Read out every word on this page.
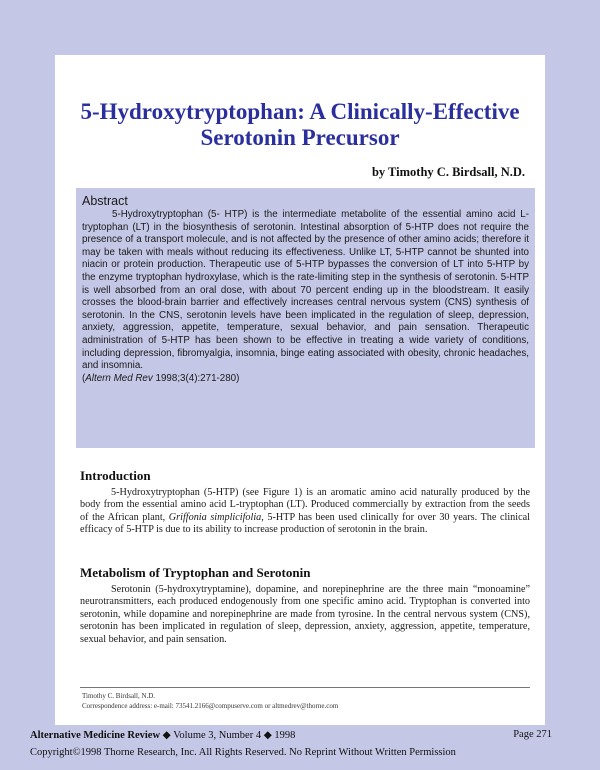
5-Hydroxytryptophan: A Clinically-Effective
Serotonin Precursor
by Timothy C. Birdsall, N.D.
Abstract

5-Hydroxytryptophan (5- HTP) is the intermediate metabolite of the essential amino acid L-tryptophan (LT) in the biosynthesis of serotonin. Intestinal absorption of 5-HTP does not require the presence of a transport molecule, and is not affected by the presence of other amino acids; therefore it may be taken with meals without reducing its effectiveness. Unlike LT, 5-HTP cannot be shunted into niacin or protein production. Therapeutic use of 5-HTP bypasses the conversion of LT into 5-HTP by the enzyme tryptophan hydroxylase, which is the rate-limiting step in the synthesis of serotonin. 5-HTP is well absorbed from an oral dose, with about 70 percent ending up in the bloodstream. It easily crosses the blood-brain barrier and effectively increases central nervous system (CNS) synthesis of serotonin. In the CNS, serotonin levels have been implicated in the regulation of sleep, depression, anxiety, aggression, appetite, temperature, sexual behavior, and pain sensation. Therapeutic administration of 5-HTP has been shown to be effective in treating a wide variety of conditions, including depression, fibromyalgia, insomnia, binge eating associated with obesity, chronic headaches, and insomnia.

(Altern Med Rev 1998;3(4):271-280)

Introduction

5-Hydroxytryptophan (5-HTP) (see Figure 1) is an aromatic amino acid naturally produced by the body from the essential amino acid L-tryptophan (LT). Produced commercially by extraction from the seeds of the African plant, Griffonia simplicifolia, 5-HTP has been used clinically for over 30 years. The clinical efficacy of 5-HTP is due to its ability to increase production of serotonin in the brain.

Metabolism of Tryptophan and Serotonin

Serotonin (5-hydroxytryptamine), dopamine, and norepinephrine are the three main “monoamine” neurotransmitters, each produced endogenously from one specific amino acid. Tryptophan is converted into serotonin, while dopamine and norepinephrine are made from tyrosine. In the central nervous system (CNS), serotonin has been implicated in regulation of sleep, depression, anxiety, aggression, appetite, temperature, sexual behavior, and pain sensation.

Timothy C. Birdsall, N.D.
Correspondence address: e-mail: 73541.2166@compuserve.com or altmedrev@thorne.com
Alternative Medicine Review ◆ Volume 3, Number 4 ◆ 1998	Page 271
Copyright©1998 Thorne Research, Inc. All Rights Reserved. No Reprint Without Written Permission
